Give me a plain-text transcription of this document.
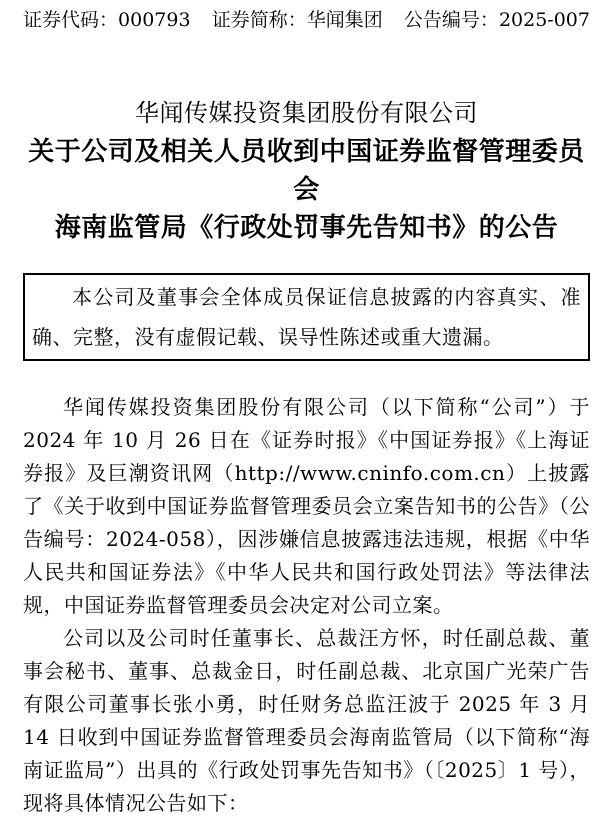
证券代码：000793 证券简称：华闻集团 公告编号：2025-007
华闻传媒投资集团股份有限公司
关于公司及相关人员收到中国证券监督管理委员会
海南监管局《行政处罚事先告知书》的公告
本公司及董事会全体成员保证信息披露的内容真实、准确、完整，没有虚假记载、误导性陈述或重大遗漏。

华闻传媒投资集团股份有限公司（以下简称“公司”）于 2024 年 10 月 26 日在《证券时报》《中国证券报》《上海证券报》及巨潮资讯网（http://www.cninfo.com.cn）上披露了《关于收到中国证券监督管理委员会立案告知书的公告》（公告编号：2024-058），因涉嫌信息披露违法违规，根据《中华人民共和国证券法》《中华人民共和国行政处罚法》等法律法规，中国证券监督管理委员会决定对公司立案。

公司以及公司时任董事长、总裁汪方怀，时任副总裁、董事会秘书、董事、总裁金日，时任副总裁、北京国广光荣广告有限公司董事长张小勇，时任财务总监汪波于 2025 年 3 月 14 日收到中国证券监督管理委员会海南监管局（以下简称“海南证监局”）出具的《行政处罚事先告知书》（〔2025〕1 号），现将具体情况公告如下：
